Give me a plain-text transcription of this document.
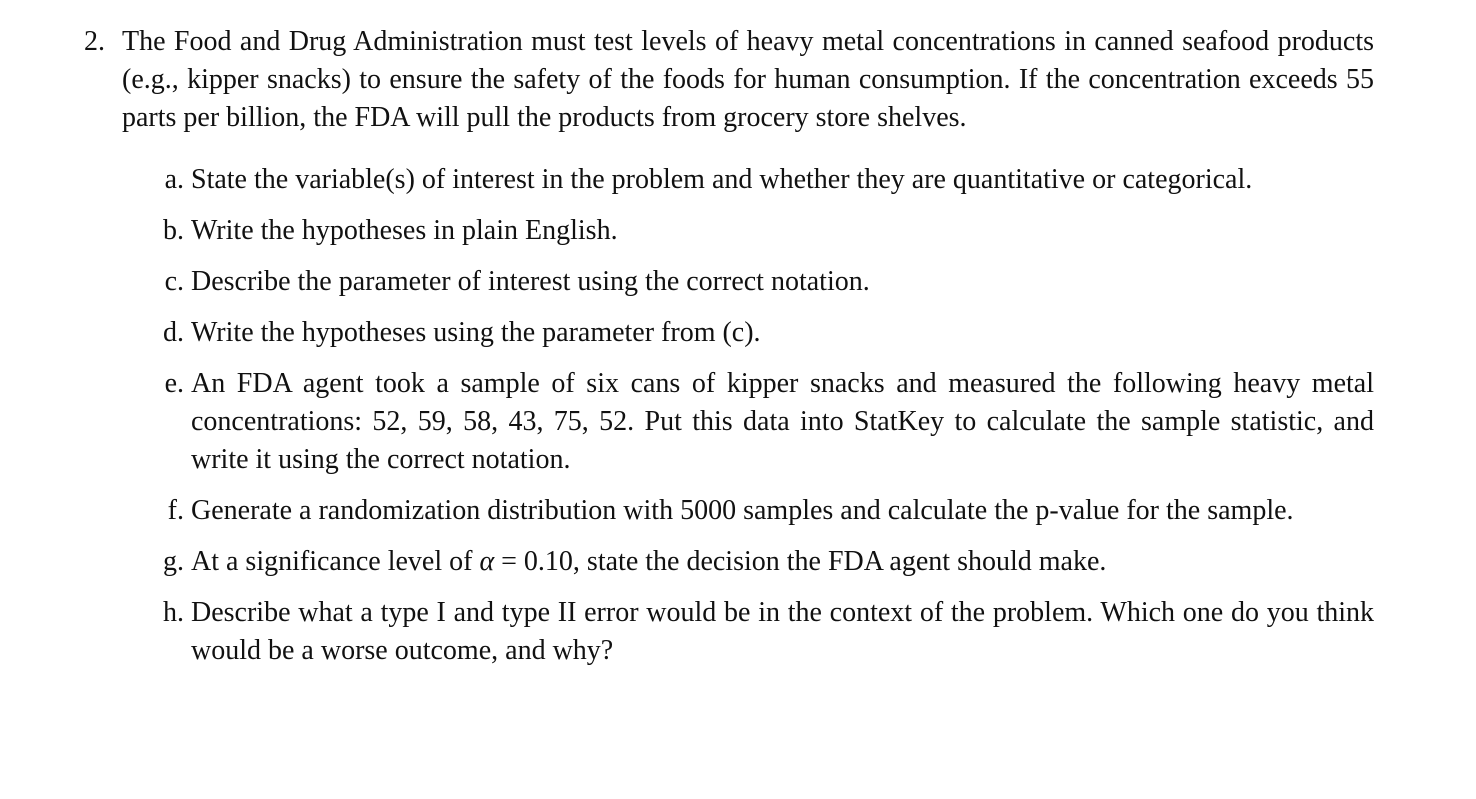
2. The Food and Drug Administration must test levels of heavy metal concentrations in canned seafood products (e.g., kipper snacks) to ensure the safety of the foods for human consumption. If the concentration exceeds 55 parts per billion, the FDA will pull the products from grocery store shelves.
a. State the variable(s) of interest in the problem and whether they are quantitative or categorical.
b. Write the hypotheses in plain English.
c. Describe the parameter of interest using the correct notation.
d. Write the hypotheses using the parameter from (c).
e. An FDA agent took a sample of six cans of kipper snacks and measured the following heavy metal concentrations: 52, 59, 58, 43, 75, 52. Put this data into StatKey to calculate the sample statistic, and write it using the correct notation.
f. Generate a randomization distribution with 5000 samples and calculate the p-value for the sample.
g. At a significance level of α = 0.10, state the decision the FDA agent should make.
h. Describe what a type I and type II error would be in the context of the problem. Which one do you think would be a worse outcome, and why?
